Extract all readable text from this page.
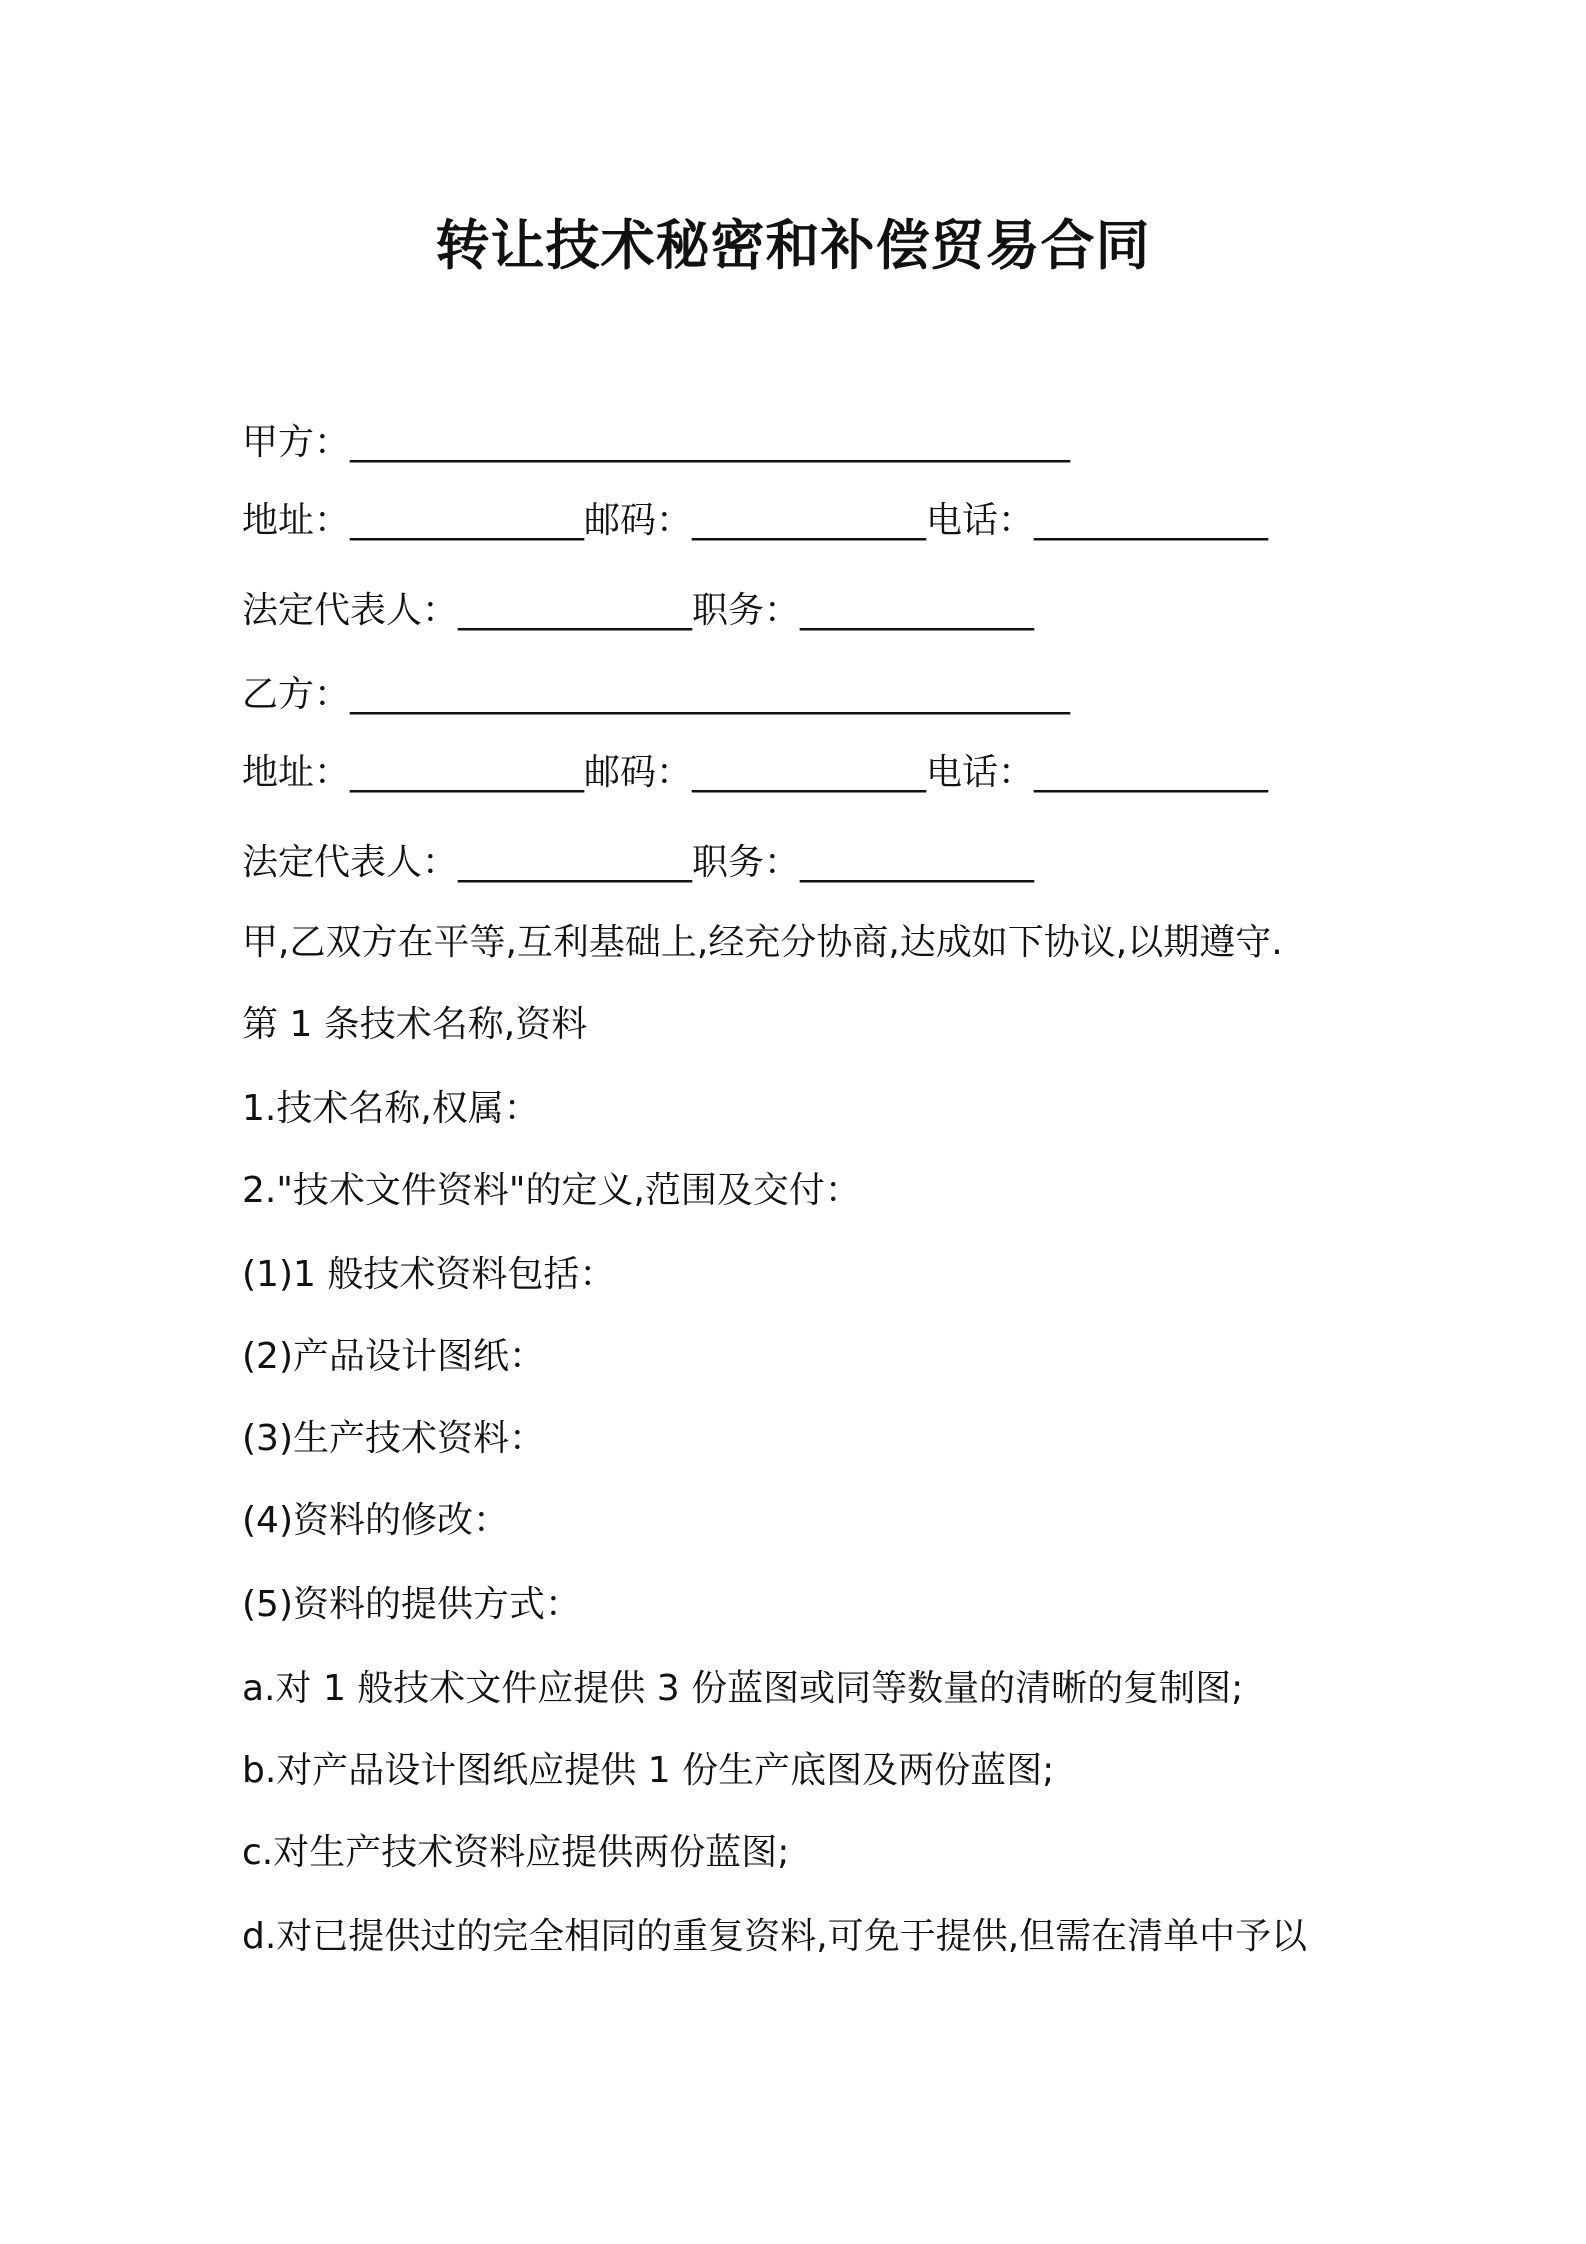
转让技术秘密和补偿贸易合同
甲方：________________________________________
地址：_____________邮码：_____________电话：_____________
法定代表人：_____________职务：_____________
乙方：________________________________________
地址：_____________邮码：_____________电话：_____________
法定代表人：_____________职务：_____________
甲,乙双方在平等,互利基础上,经充分协商,达成如下协议,以期遵守.
第 1 条技术名称,资料
1.技术名称,权属：
2."技术文件资料"的定义,范围及交付：
(1)1 般技术资料包括：
(2)产品设计图纸：
(3)生产技术资料：
(4)资料的修改：
(5)资料的提供方式：
a.对 1 般技术文件应提供 3 份蓝图或同等数量的清晰的复制图;
b.对产品设计图纸应提供 1 份生产底图及两份蓝图;
c.对生产技术资料应提供两份蓝图;
d.对已提供过的完全相同的重复资料,可免于提供,但需在清单中予以
